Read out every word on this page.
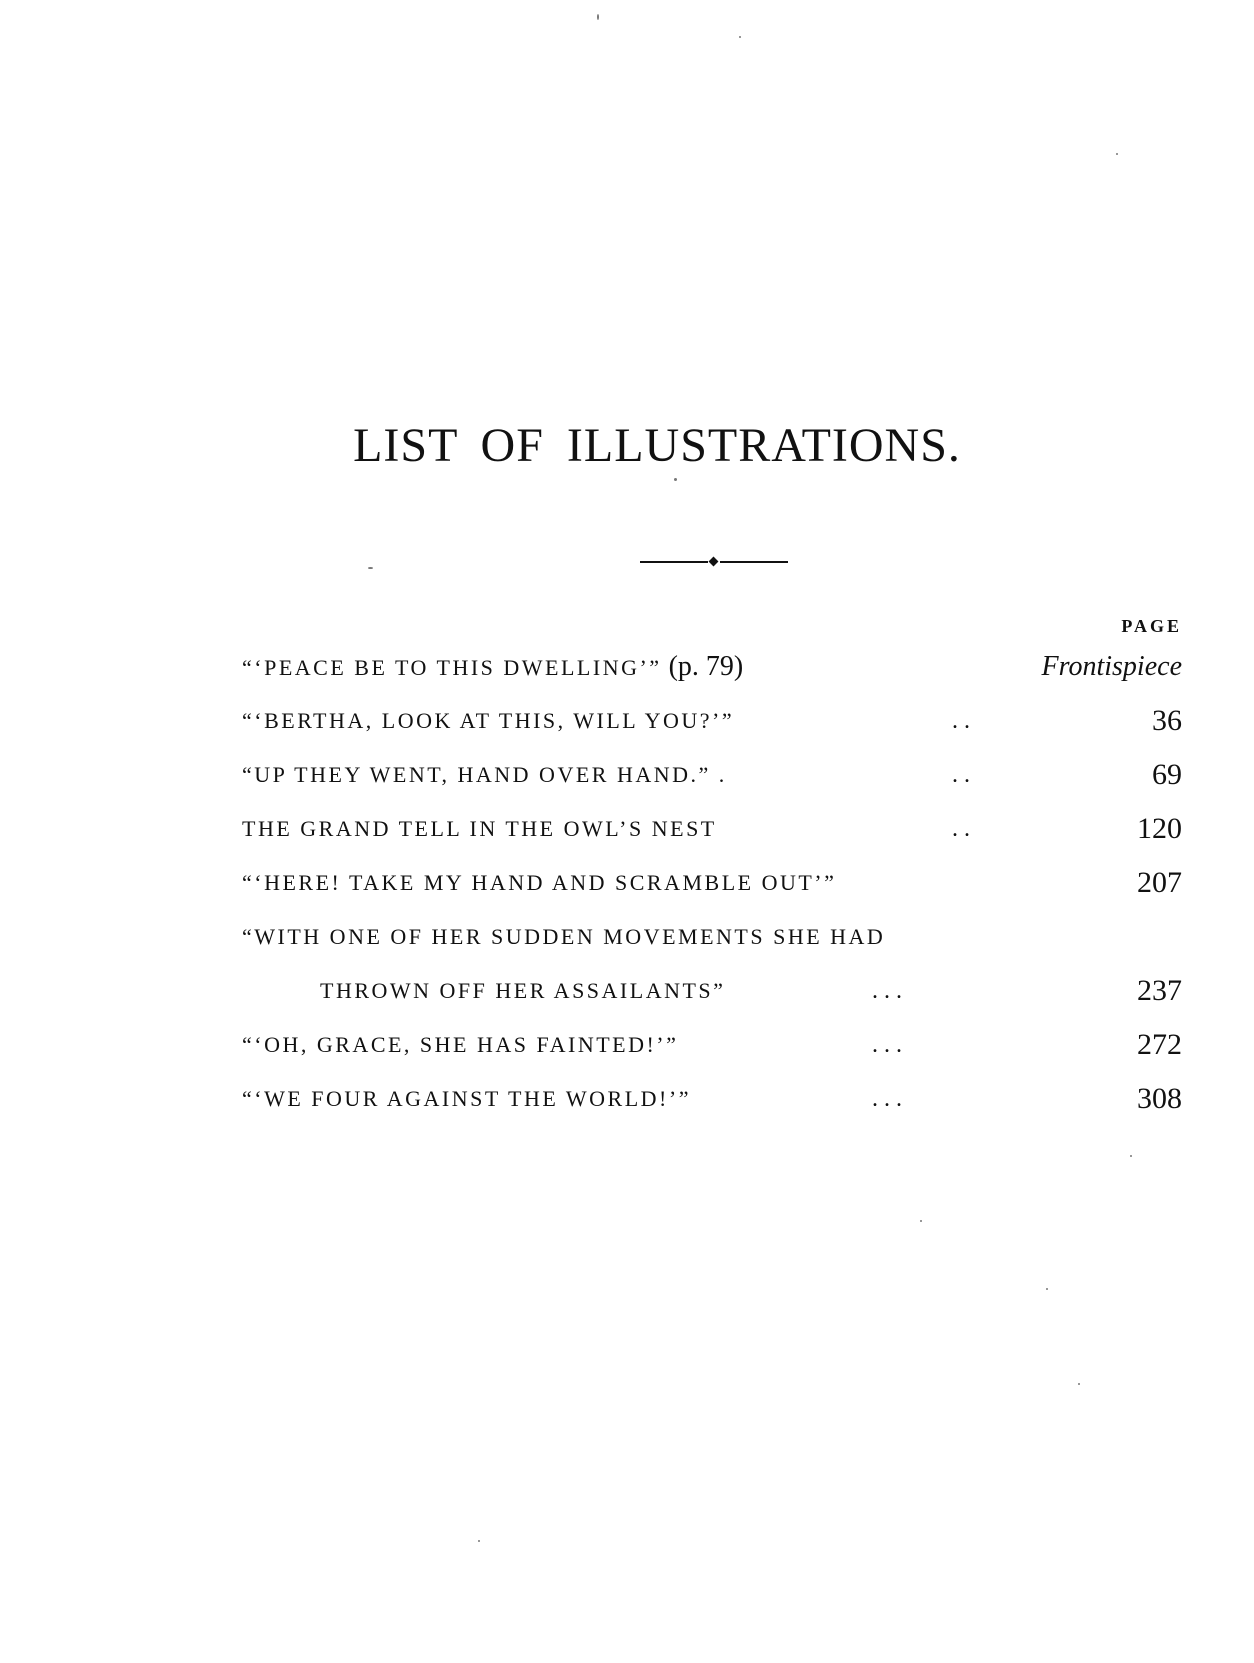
LIST OF ILLUSTRATIONS.
PAGE
“‘PEACE BE TO THIS DWELLING’” (p. 79)	Frontispiece
“‘BERTHA, LOOK AT THIS, WILL YOU?’”	. .	36
“UP THEY WENT, HAND OVER HAND.” .	. .	69
THE GRAND TELL IN THE OWL’S NEST	. .	120
“‘HERE! TAKE MY HAND AND SCRAMBLE OUT’”	207
“WITH ONE OF HER SUDDEN MOVEMENTS SHE HAD
THROWN OFF HER ASSAILANTS”	. . .	237
“‘OH, GRACE, SHE HAS FAINTED!’”	. . .	272
“‘WE FOUR AGAINST THE WORLD!’”	. . .	308
